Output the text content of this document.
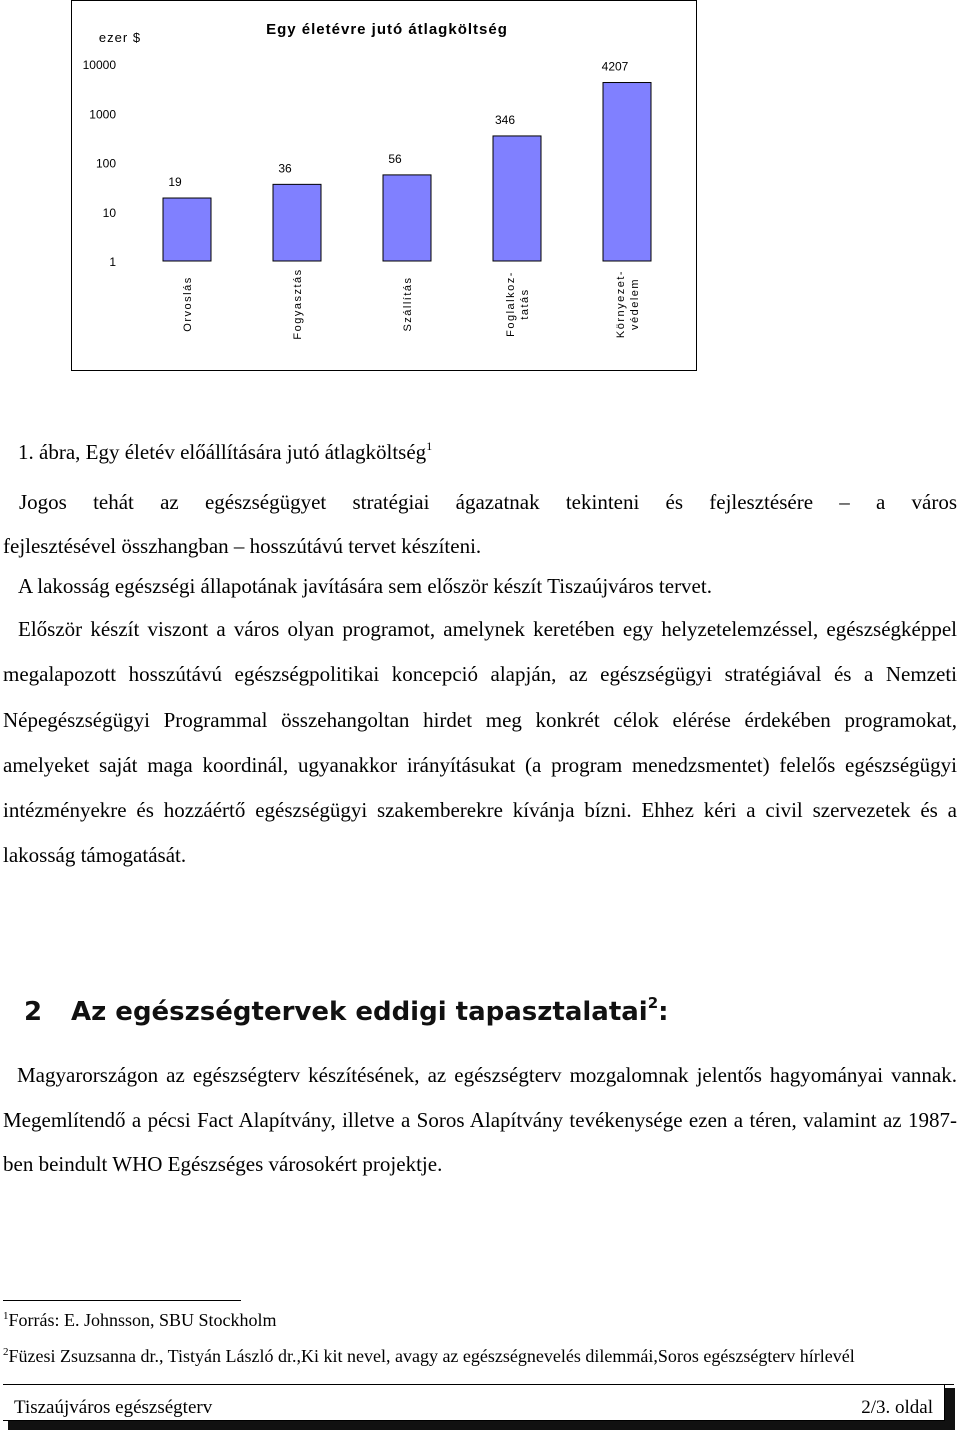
Egy életévre jutó átlagköltség
ezer $
10000
1000
100
10
1
19
Orvoslás
36
Fogyasztás
56
Szállítás
346
Foglalkoz- tatás
4207
Környezet- védelem
1. ábra, Egy életév előállítására jutó átlagköltség$^1$
Jogos tehát az egészségügyet stratégiai ágazatnak tekinteni és fejlesztésére – a város
fejlesztésével összhangban – hosszútávú tervet készíteni.
A lakosság egészségi állapotának javítására sem először készít Tiszaújváros tervet.

Először készít viszont a város olyan programot, amelynek keretében egy helyzetelemzéssel, egészségképpel megalapozott hosszútávú egészségpolitikai koncepció alapján, az egészségügyi stratégiával és a Nemzeti Népegészségügyi Programmal összehangoltan hirdet meg konkrét célok elérése érdekében programokat, amelyeket saját maga koordinál, ugyanakkor irányításukat (a program menedzsmentet) felelős egészségügyi intézményekre és hozzáértő egészségügyi szakemberekre kívánja bízni. Ehhez kéri a civil szervezetek és a lakosság támogatását.

2 Az egészségtervek eddigi tapasztalatai$^2$:

Magyarországon az egészségterv készítésének, az egészségterv mozgalomnak jelentős hagyományai vannak. Megemlítendő a pécsi Fact Alapítvány, illetve a Soros Alapítvány tevékenysége ezen a téren, valamint az 1987-ben beindult WHO Egészséges városokért projektje.

$^1$Forrás: E. Johnsson, SBU Stockholm
$^2$Füzesi Zsuzsanna dr., Tistyán László dr.,Ki kit nevel, avagy az egészségnevelés dilemmái,Soros egészségterv hírlevél
Tiszaújváros egészségterv	2/3. oldal
